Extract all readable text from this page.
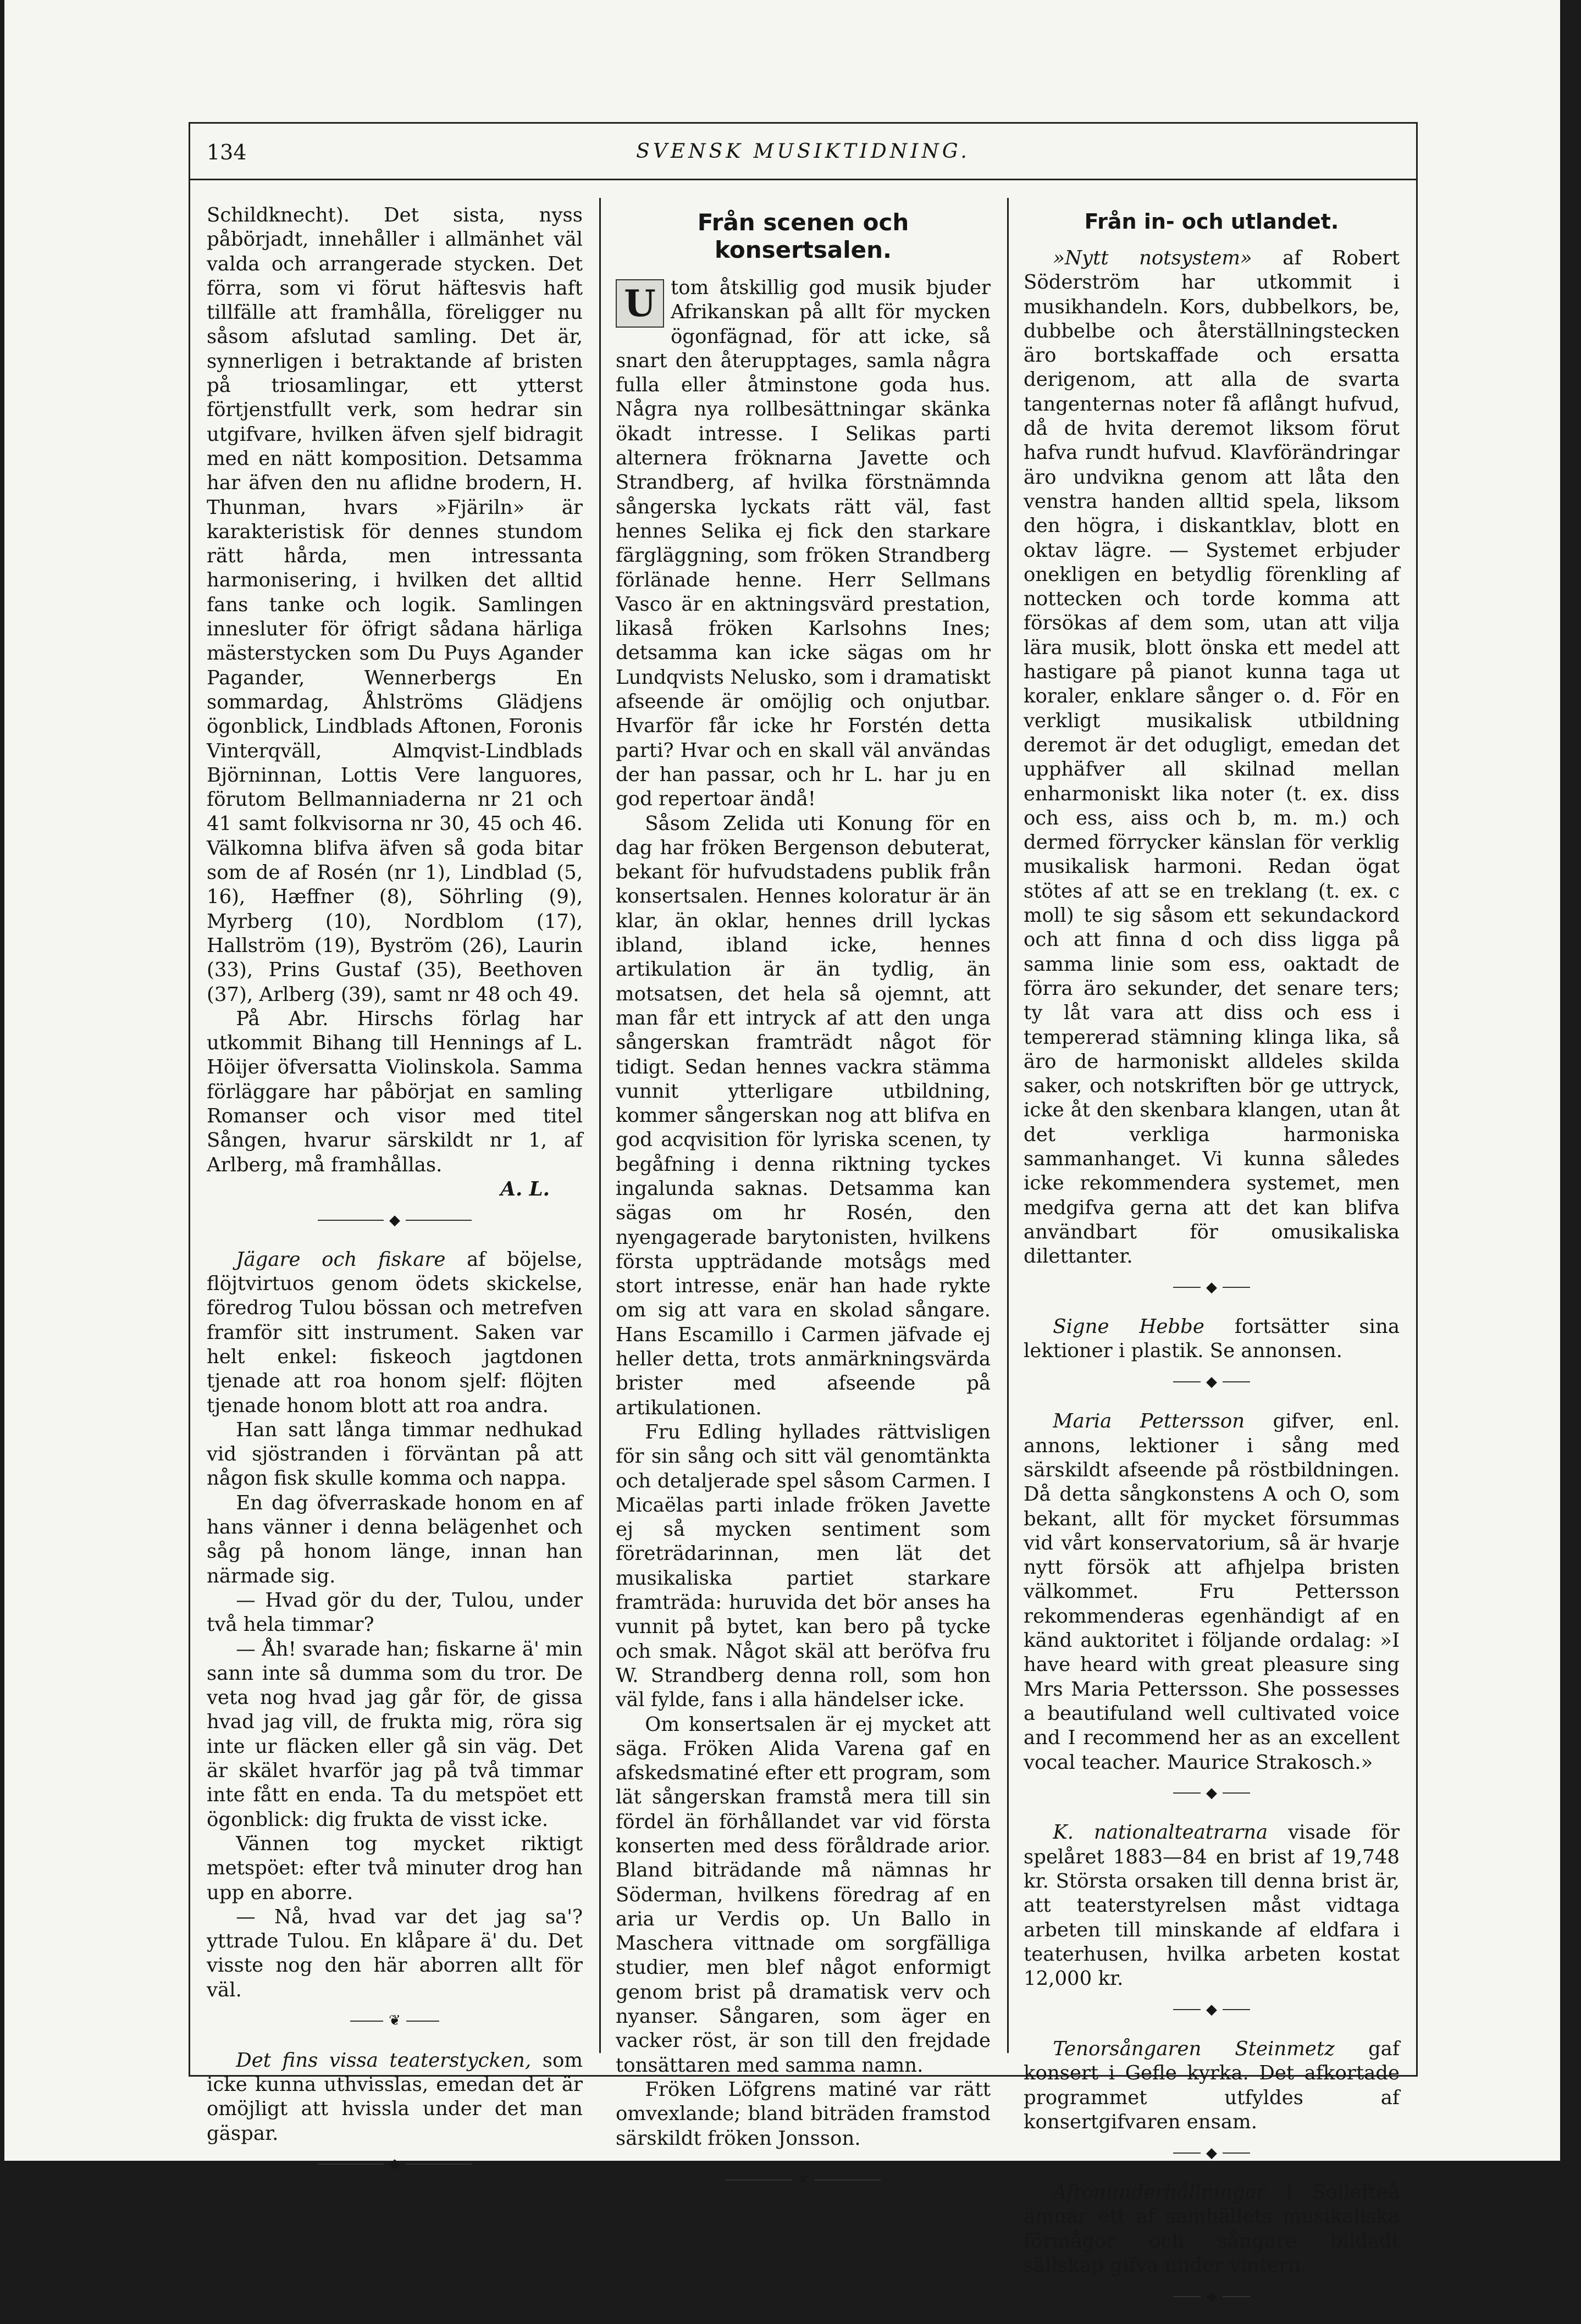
134	SVENSK MUSIKTIDNING.

Schildknecht). Det sista, nyss påbörjadt, innehåller i allmänhet väl valda och arrangerade stycken. Det förra, som vi förut häftesvis haft tillfälle att framhålla, föreligger nu såsom afslutad samling. Det är, synnerligen i betraktande af bristen på triosamlingar, ett ytterst förtjenstfullt verk, som hedrar sin utgifvare, hvilken äfven sjelf bidragit med en nätt komposition. Detsamma har äfven den nu aflidne brodern, H. Thunman, hvars »Fjäriln» är karakteristisk för dennes stundom rätt hårda, men intressanta harmonisering, i hvilken det alltid fans tanke och logik. Samlingen innesluter för öfrigt sådana härliga mästerstycken som Du Puys Agander Pagander, Wennerbergs En sommardag, Åhlströms Glädjens ögonblick, Lindblads Aftonen, Foronis Vinterqväll, Almqvist-Lindblads Björninnan, Lottis Vere languores, förutom Bellmanniaderna nr 21 och 41 samt folkvisorna nr 30, 45 och 46. Välkomna blifva äfven så goda bitar som de af Rosén (nr 1), Lindblad (5, 16), Hæffner (8), Söhrling (9), Myrberg (10), Nordblom (17), Hallström (19), Byström (26), Laurin (33), Prins Gustaf (35), Beethoven (37), Arlberg (39), samt nr 48 och 49.

På Abr. Hirschs förlag har utkommit Bihang till Hennings af L. Höijer öfversatta Violinskola. Samma förläggare har påbörjat en samling Romanser och visor med titel Sången, hvarur särskildt nr 1, af Arlberg, må framhållas.

A. L.

◆

Jägare och fiskare af böjelse, flöjtvirtuos genom ödets skickelse, föredrog Tulou bössan och metrefven framför sitt instrument. Saken var helt enkel: fiskeoch jagtdonen tjenade att roa honom sjelf: flöjten tjenade honom blott att roa andra.

Han satt långa timmar nedhukad vid sjöstranden i förväntan på att någon fisk skulle komma och nappa.

En dag öfverraskade honom en af hans vänner i denna belägenhet och såg på honom länge, innan han närmade sig.

— Hvad gör du der, Tulou, under två hela timmar?

— Åh! svarade han; fiskarne ä' min sann inte så dumma som du tror. De veta nog hvad jag går för, de gissa hvad jag vill, de frukta mig, röra sig inte ur fläcken eller gå sin väg. Det är skälet hvarför jag på två timmar inte fått en enda. Ta du metspöet ett ögonblick: dig frukta de visst icke.

Vännen tog mycket riktigt metspöet: efter två minuter drog han upp en aborre.

— Nå, hvad var det jag sa'? yttrade Tulou. En klåpare ä' du. Det visste nog den här aborren allt för väl.

❦

Det fins vissa teaterstycken, som icke kunna uthvisslas, emedan det är omöjligt att hvissla under det man gäspar.

◆
Från scenen och konsertsalen.

U tom åtskillig god musik bjuder Afrikanskan på allt för mycken ögonfägnad, för att icke, så snart den återupptages, samla några fulla eller åtminstone goda hus. Några nya rollbesättningar skänka ökadt intresse. I Selikas parti alternera fröknarna Javette och Strandberg, af hvilka förstnämnda sångerska lyckats rätt väl, fast hennes Selika ej fick den starkare färgläggning, som fröken Strandberg förlänade henne. Herr Sellmans Vasco är en aktningsvärd prestation, likaså fröken Karlsohns Ines; detsamma kan icke sägas om hr Lundqvists Nelusko, som i dramatiskt afseende är omöjlig och onjutbar. Hvarför får icke hr Forstén detta parti? Hvar och en skall väl användas der han passar, och hr L. har ju en god repertoar ändå!

Såsom Zelida uti Konung för en dag har fröken Bergenson debuterat, bekant för hufvudstadens publik från konsertsalen. Hennes koloratur är än klar, än oklar, hennes drill lyckas ibland, ibland icke, hennes artikulation är än tydlig, än motsatsen, det hela så ojemnt, att man får ett intryck af att den unga sångerskan framträdt något för tidigt. Sedan hennes vackra stämma vunnit ytterligare utbildning, kommer sångerskan nog att blifva en god acqvisition för lyriska scenen, ty begåfning i denna riktning tyckes ingalunda saknas. Detsamma kan sägas om hr Rosén, den nyengagerade barytonisten, hvilkens första uppträdande motsågs med stort intresse, enär han hade rykte om sig att vara en skolad sångare. Hans Escamillo i Carmen jäfvade ej heller detta, trots anmärkningsvärda brister med afseende på artikulationen.

Fru Edling hyllades rättvisligen för sin sång och sitt väl genomtänkta och detaljerade spel såsom Carmen. I Micaëlas parti inlade fröken Javette ej så mycken sentiment som företrädarinnan, men lät det musikaliska partiet starkare framträda: huruvida det bör anses ha vunnit på bytet, kan bero på tycke och smak. Något skäl att beröfva fru W. Strandberg denna roll, som hon väl fylde, fans i alla händelser icke.

Om konsertsalen är ej mycket att säga. Fröken Alida Varena gaf en afskedsmatiné efter ett program, som lät sångerskan framstå mera till sin fördel än förhållandet var vid första konserten med dess föråldrade arior. Bland biträdande må nämnas hr Söderman, hvilkens föredrag af en aria ur Verdis op. Un Ballo in Maschera vittnade om sorgfälliga studier, men blef något enformigt genom brist på dramatisk verv och nyanser. Sångaren, som äger en vacker röst, är son till den frejdade tonsättaren med samma namn.

Fröken Löfgrens matiné var rätt omvexlande; bland biträden framstod särskildt fröken Jonsson.

✕
Från in- och utlandet.

»Nytt notsystem» af Robert Söderström har utkommit i musikhandeln. Kors, dubbelkors, be, dubbelbe och återställningstecken äro bortskaffade och ersatta derigenom, att alla de svarta tangenternas noter få aflångt hufvud, då de hvita deremot liksom förut hafva rundt hufvud. Klavförändringar äro undvikna genom att låta den venstra handen alltid spela, liksom den högra, i diskantklav, blott en oktav lägre. — Systemet erbjuder onekligen en betydlig förenkling af nottecken och torde komma att försökas af dem som, utan att vilja lära musik, blott önska ett medel att hastigare på pianot kunna taga ut koraler, enklare sånger o. d. För en verkligt musikalisk utbildning deremot är det odugligt, emedan det upphäfver all skilnad mellan enharmoniskt lika noter (t. ex. diss och ess, aiss och b, m. m.) och dermed förrycker känslan för verklig musikalisk harmoni. Redan ögat stötes af att se en treklang (t. ex. c moll) te sig såsom ett sekundackord och att finna d och diss ligga på samma linie som ess, oaktadt de förra äro sekunder, det senare ters; ty låt vara att diss och ess i tempererad stämning klinga lika, så äro de harmoniskt alldeles skilda saker, och notskriften bör ge uttryck, icke åt den skenbara klangen, utan åt det verkliga harmoniska sammanhanget. Vi kunna således icke rekommendera systemet, men medgifva gerna att det kan blifva användbart för omusikaliska dilettanter.

◆

Signe Hebbe fortsätter sina lektioner i plastik. Se annonsen.

◆

Maria Pettersson gifver, enl. annons, lektioner i sång med särskildt afseende på röstbildningen. Då detta sångkonstens A och O, som bekant, allt för mycket försummas vid vårt konservatorium, så är hvarje nytt försök att afhjelpa bristen välkommet. Fru Pettersson rekommenderas egenhändigt af en känd auktoritet i följande ordalag: »I have heard with great pleasure sing Mrs Maria Pettersson. She possesses a beautifuland well cultivated voice and I recommend her as an excellent vocal teacher. Maurice Strakosch.»

◆

K. nationalteatrarna visade för spelåret 1883—84 en brist af 19,748 kr. Största orsaken till denna brist är, att teaterstyrelsen måst vidtaga arbeten till minskande af eldfara i teaterhusen, hvilka arbeten kostat 12,000 kr.

◆

Tenorsångaren Steinmetz gaf konsert i Gefle kyrka. Det afkortade programmet utfyldes af konsertgifvaren ensam.

◆

Aftonunderhållningar i Sollefteå ämnar ett af samhällets musikaliska förmågor och sångare bildadt sällskap gifva under vintern.

◆
